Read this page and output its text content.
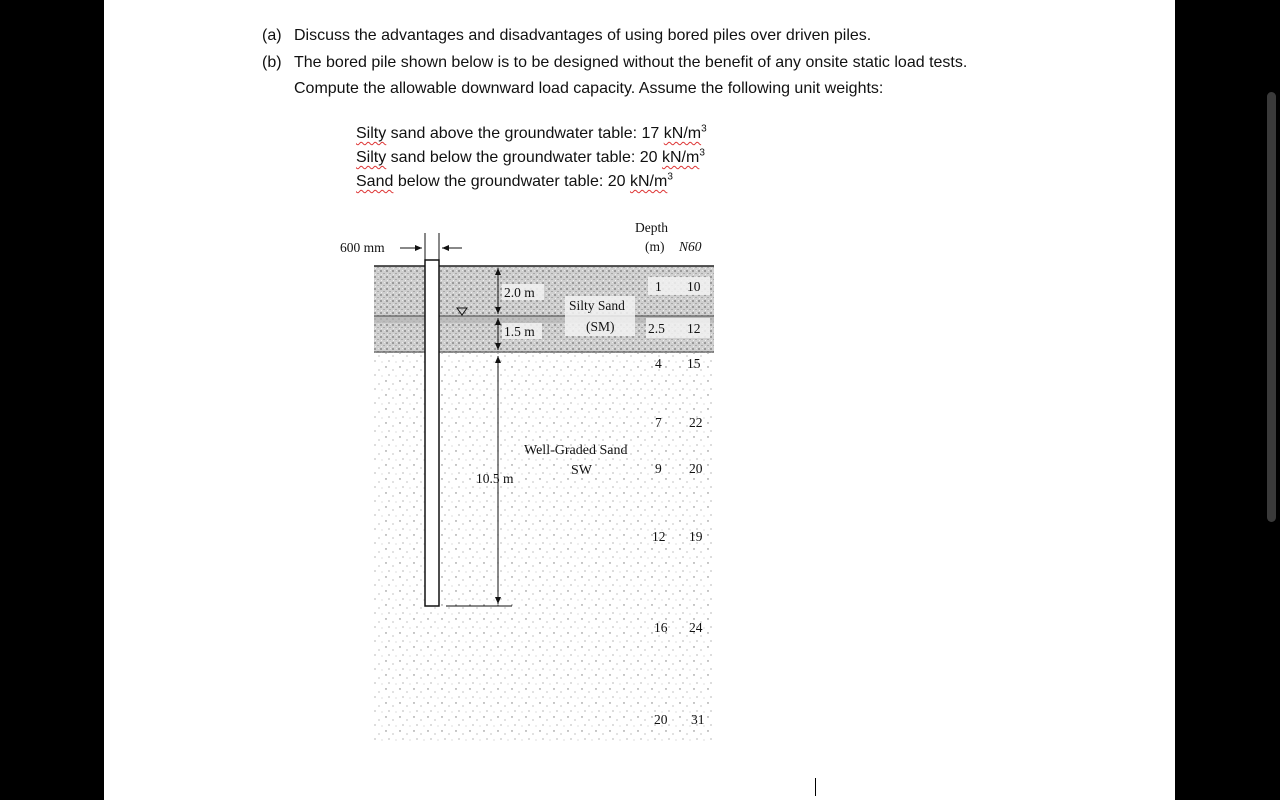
(a) Discuss the advantages and disadvantages of using bored piles over driven piles.
(b) The bored pile shown below is to be designed without the benefit of any onsite static load tests.
Compute the allowable downward load capacity. Assume the following unit weights:
Silty sand above the groundwater table: 17 $kN/m^3$
Silty sand below the groundwater table: 20 $kN/m^3$
Sand below the groundwater table: 20 $kN/m^3$
600 mm
2.0 m
1.5 m
10.5 m
Silty Sand
(SM)
Well-Graded Sand
SW
Depth
(m) N60
1 10
2.5 12
4 15
7 22
9 20
12 19
16 24
20 31
